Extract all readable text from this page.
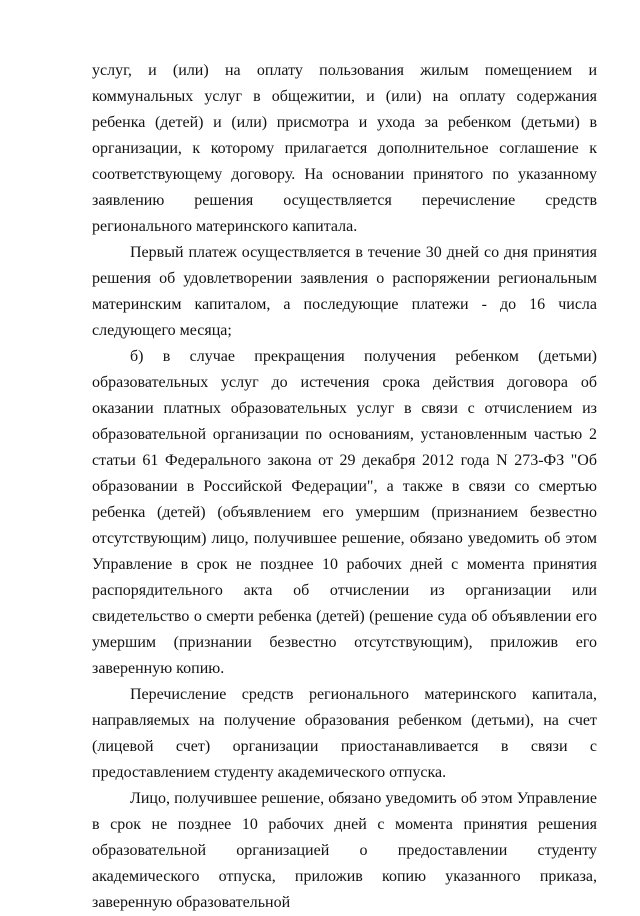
услуг, и (или) на оплату пользования жилым помещением и коммунальных услуг в общежитии, и (или) на оплату содержания ребенка (детей) и (или) присмотра и ухода за ребенком (детьми) в организации, к которому прилагается дополнительное соглашение к соответствующему договору. На основании принятого по указанному заявлению решения осуществляется перечисление средств регионального материнского капитала.

Первый платеж осуществляется в течение 30 дней со дня принятия решения об удовлетворении заявления о распоряжении региональным материнским капиталом, а последующие платежи - до 16 числа следующего месяца;

б) в случае прекращения получения ребенком (детьми) образовательных услуг до истечения срока действия договора об оказании платных образовательных услуг в связи с отчислением из образовательной организации по основаниям, установленным частью 2 статьи 61 Федерального закона от 29 декабря 2012 года N 273-ФЗ "Об образовании в Российской Федерации", а также в связи со смертью ребенка (детей) (объявлением его умершим (признанием безвестно отсутствующим) лицо, получившее решение, обязано уведомить об этом Управление в срок не позднее 10 рабочих дней с момента принятия распорядительного акта об отчислении из организации или свидетельство о смерти ребенка (детей) (решение суда об объявлении его умершим (признании безвестно отсутствующим), приложив его заверенную копию.

Перечисление средств регионального материнского капитала, направляемых на получение образования ребенком (детьми), на счет (лицевой счет) организации приостанавливается в связи с предоставлением студенту академического отпуска.

Лицо, получившее решение, обязано уведомить об этом Управление в срок не позднее 10 рабочих дней с момента принятия решения образовательной организацией о предоставлении студенту академического отпуска, приложив копию указанного приказа, заверенную образовательной
